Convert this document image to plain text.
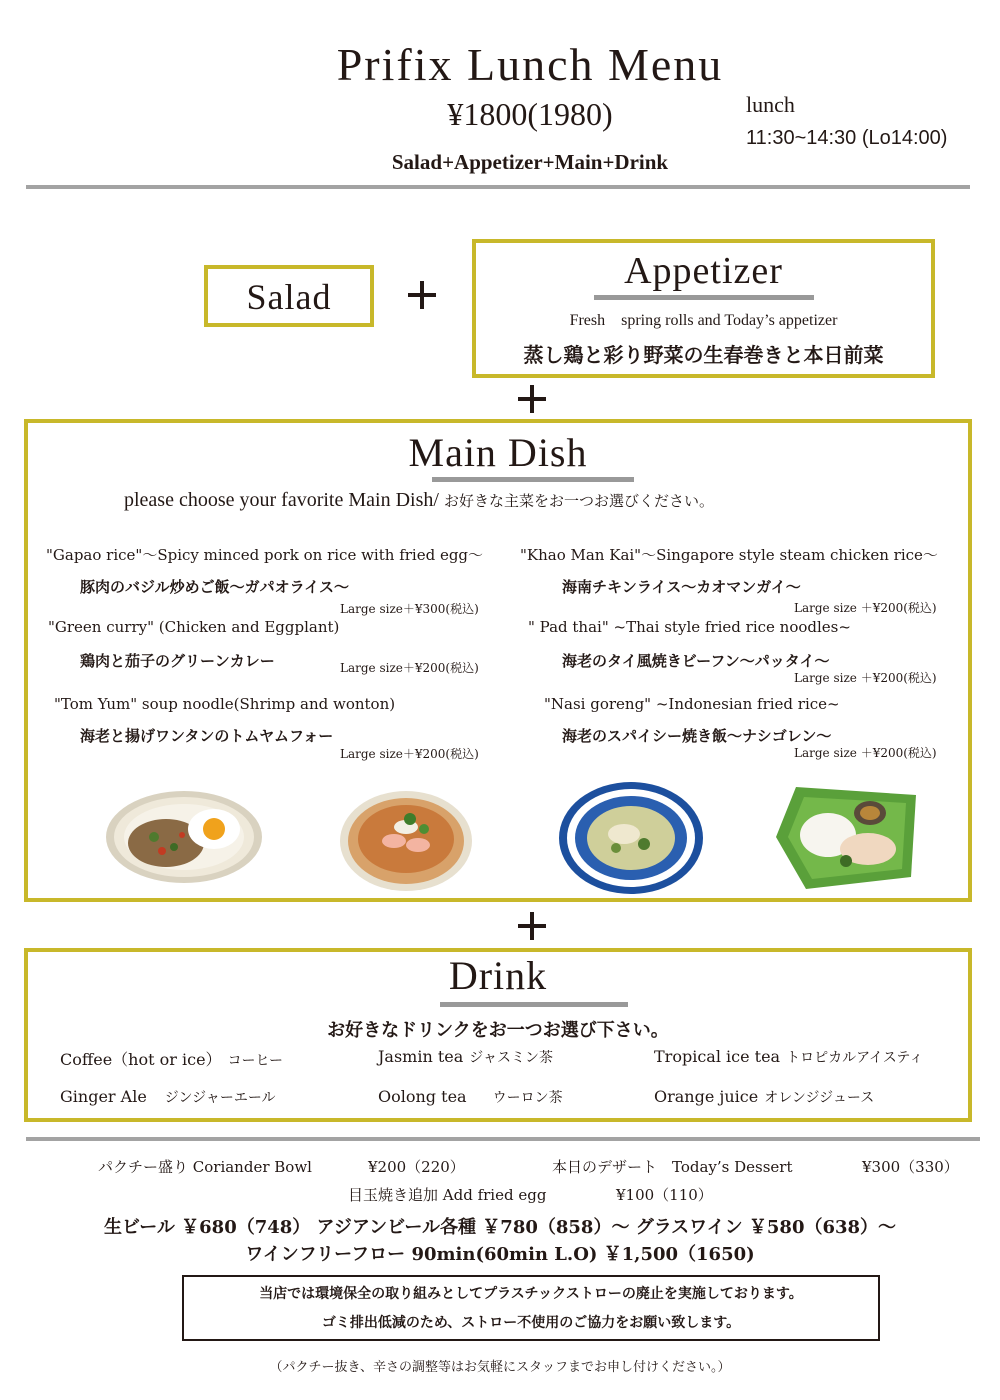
Prifix Lunch Menu
¥1800(1980)	lunch
11:30~14:30 (Lo14:00)
Salad+Appetizer+Main+Drink
Salad
Appetizer
Fresh　spring rolls and Today’s appetizer
蒸し鶏と彩り野菜の生春巻きと本日前菜
Main Dish
please choose your favorite Main Dish/ お好きな主菜をお一つお選びください。
"Gapao rice"～Spicy minced pork on rice with fried egg～
豚肉のバジル炒めご飯～ガパオライス～
Large size＋¥300(税込)
"Green curry" (Chicken and Eggplant)
鶏肉と茄子のグリーンカレー	Large size＋¥200(税込)
"Tom Yum" soup noodle(Shrimp and wonton)
海老と揚げワンタンのトムヤムフォー
Large size＋¥200(税込)
"Khao Man Kai"～Singapore style steam chicken rice～
海南チキンライス～カオマンガイ～
Large size ＋¥200(税込)
" Pad thai" ~Thai style fried rice noodles~
海老のタイ風焼きビーフン～パッタイ～
Large size ＋¥200(税込)
"Nasi goreng" ~Indonesian fried rice~
海老のスパイシー焼き飯～ナシゴレン～
Large size ＋¥200(税込)
Drink
お好きなドリンクをお一つお選び下さい。
Coffee（hot or ice） コーヒー	Jasmin tea ジャスミン茶	Tropical ice tea トロピカルアイスティ
Ginger Ale ジンジャーエール	Oolong tea ウーロン茶	Orange juice オレンジジュース
パクチー盛り Coriander Bowl	¥200（220）	本日のデザート　Today’s Dessert	¥300（330）
目玉焼き追加 Add fried egg	¥100（110）
生ビール ￥680（748） アジアンビール各種 ￥780（858）～ グラスワイン ￥580（638）～
ワインフリーフロー 90min(60min L.O) ￥1,500（1650)
当店では環境保全の取り組みとしてプラスチックストローの廃止を実施しております。
ゴミ排出低減のため、ストロー不使用のご協力をお願い致します。
（パクチー抜き、辛さの調整等はお気軽にスタッフまでお申し付けください。）
